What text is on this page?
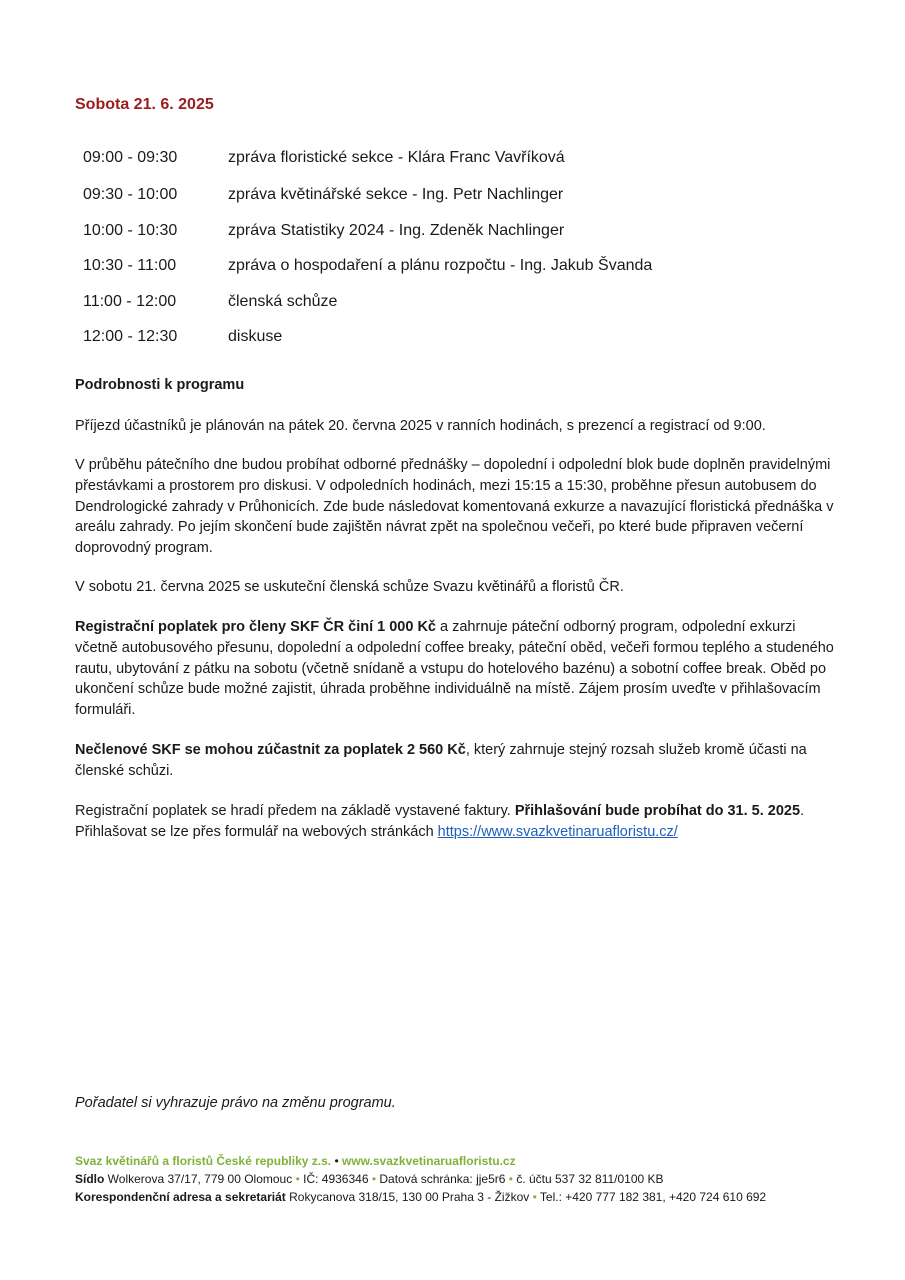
Sobota 21. 6. 2025
09:00 - 09:30	zpráva floristické sekce - Klára Franc Vavříková
09:30 - 10:00	zpráva květinářské sekce - Ing. Petr Nachlinger
10:00 - 10:30	zpráva Statistiky 2024 - Ing. Zdeněk Nachlinger
10:30 - 11:00	zpráva o hospodaření a plánu rozpočtu - Ing. Jakub Švanda
11:00 - 12:00	členská schůze
12:00 - 12:30	diskuse
Podrobnosti k programu

Příjezd účastníků je plánován na pátek 20. června 2025 v ranních hodinách, s prezencí a registrací od 9:00.

V průběhu pátečního dne budou probíhat odborné přednášky – dopolední i odpolední blok bude doplněn pravidelnými přestávkami a prostorem pro diskusi. V odpoledních hodinách, mezi 15:15 a 15:30, proběhne přesun autobusem do Dendrologické zahrady v Průhonicích. Zde bude následovat komentovaná exkurze a navazující floristická přednáška v areálu zahrady. Po jejím skončení bude zajištěn návrat zpět na společnou večeři, po které bude připraven večerní doprovodný program.

V sobotu 21. června 2025 se uskuteční členská schůze Svazu květinářů a floristů ČR.

Registrační poplatek pro členy SKF ČR činí 1 000 Kč a zahrnuje páteční odborný program, odpolední exkurzi včetně autobusového přesunu, dopolední a odpolední coffee breaky, páteční oběd, večeři formou teplého a studeného rautu, ubytování z pátku na sobotu (včetně snídaně a vstupu do hotelového bazénu) a sobotní coffee break. Oběd po ukončení schůze bude možné zajistit, úhrada proběhne individuálně na místě. Zájem prosím uveďte v přihlašovacím formuláři.

Nečlenové SKF se mohou zúčastnit za poplatek 2 560 Kč, který zahrnuje stejný rozsah služeb kromě účasti na členské schůzi.

Registrační poplatek se hradí předem na základě vystavené faktury. Přihlašování bude probíhat do 31. 5. 2025. Přihlašovat se lze přes formulář na webových stránkách https://www.svazkvetinaruafloristu.cz/

Pořadatel si vyhrazuje právo na změnu programu.
Svaz květinářů a floristů České republiky z.s. • www.svazkvetinaruafloristu.cz
Sídlo Wolkerova 37/17, 779 00 Olomouc • IČ: 4936346 • Datová schránka: jje5r6 • č. účtu 537 32 811/0100 KB
Korespondenční adresa a sekretariát Rokycanova 318/15, 130 00 Praha 3 - Žižkov • Tel.: +420 777 182 381, +420 724 610 692
